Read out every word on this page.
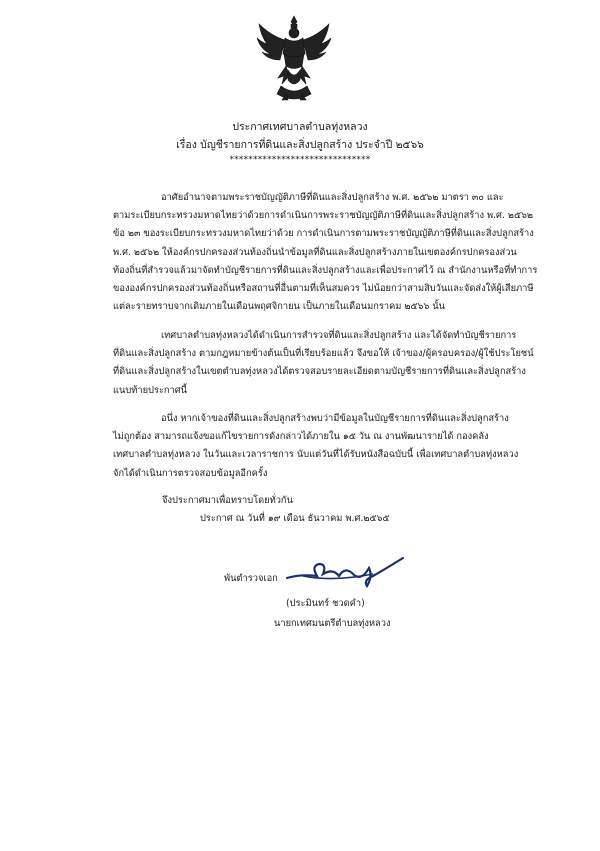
ประกาศเทศบาลตำบลทุ่งหลวง
เรื่อง บัญชีรายการที่ดินและสิ่งปลูกสร้าง ประจำปี ๒๕๖๖
******************************
อาศัยอำนาจตามพระราชบัญญัติภาษีที่ดินและสิ่งปลูกสร้าง พ.ศ. ๒๕๖๒ มาตรา ๓๐ และ
ตามระเบียบกระทรวงมหาดไทยว่าด้วยการดำเนินการพระราชบัญญัติภาษีที่ดินและสิ่งปลูกสร้าง พ.ศ. ๒๕๖๒
ข้อ ๒๓ ของระเบียบกระทรวงมหาดไทยว่าด้วย การดำเนินการตามพระราชบัญญัติภาษีที่ดินและสิ่งปลูกสร้าง
พ.ศ. ๒๕๖๒ ให้องค์กรปกครองส่วนท้องถิ่นนำข้อมูลที่ดินและสิ่งปลูกสร้างภายในเขตองค์กรปกครองส่วน
ท้องถิ่นที่สำรวจแล้วมาจัดทำบัญชีรายการที่ดินและสิ่งปลูกสร้างและเพื่อประกาศไว้ ณ สำนักงานหรือที่ทำการ
ขององค์กรปกครองส่วนท้องถิ่นหรือสถานที่อื่นตามที่เห็นสมควร ไม่น้อยกว่าสามสิบวันและจัดส่งให้ผู้เสียภาษี
แต่ละรายทราบจากเดิมภายในเดือนพฤศจิกายน เป็นภายในเดือนมกราคม ๒๕๖๖ นั้น
เทศบาลตำบลทุ่งหลวงได้ดำเนินการสำรวจที่ดินและสิ่งปลูกสร้าง และได้จัดทำบัญชีรายการ
ที่ดินและสิ่งปลูกสร้าง ตามกฎหมายข้างต้นเป็นที่เรียบร้อยแล้ว จึงขอให้ เจ้าของ/ผู้ครอบครอง/ผู้ใช้ประโยชน์
ที่ดินและสิ่งปลูกสร้างในเขตตำบลทุ่งหลวงได้ตรวจสอบรายละเอียดตามบัญชีรายการที่ดินและสิ่งปลูกสร้าง
แนบท้ายประกาศนี้
อนึ่ง หากเจ้าของที่ดินและสิ่งปลูกสร้างพบว่ามีข้อมูลในบัญชีรายการที่ดินและสิ่งปลูกสร้าง
ไม่ถูกต้อง สามารถแจ้งขอแก้ไขรายการดังกล่าวได้ภายใน ๑๕ วัน ณ งานพัฒนารายได้ กองคลัง
เทศบาลตำบลทุ่งหลวง ในวันและเวลาราชการ นับแต่วันที่ได้รับหนังสือฉบับนี้ เพื่อเทศบาลตำบลทุ่งหลวง
จักได้ดำเนินการตรวจสอบข้อมูลอีกครั้ง
จึงประกาศมาเพื่อทราบโดยทั่วกัน
ประกาศ ณ วันที่ ๑๙ เดือน ธันวาคม พ.ศ.๒๕๖๕
พันตำรวจเอก
(ประมินทร์ ชวดคำ)
นายกเทศมนตรีตำบลทุ่งหลวง
